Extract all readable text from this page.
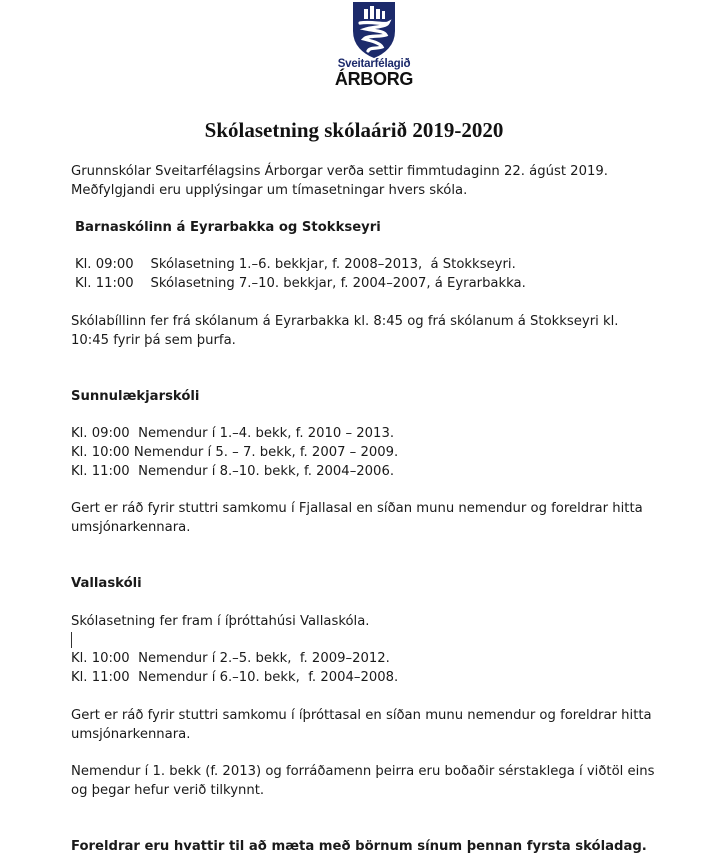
Sveitarfélagið
ÁRBORG
Skólasetning skólaárið 2019-2020
Grunnskólar Sveitarfélagsins Árborgar verða settir fimmtudaginn 22. ágúst 2019.
Meðfylgjandi eru upplýsingar um tímasetningar hvers skóla.
Barnaskólinn á Eyrarbakka og Stokkseyri
Kl. 09:00    Skólasetning 1.–6. bekkjar, f. 2008–2013,  á Stokkseyri.
Kl. 11:00    Skólasetning 7.–10. bekkjar, f. 2004–2007, á Eyrarbakka.
Skólabíllinn fer frá skólanum á Eyrarbakka kl. 8:45 og frá skólanum á Stokkseyri kl.
10:45 fyrir þá sem þurfa.
Sunnulækjarskóli
Kl. 09:00  Nemendur í 1.–4. bekk, f. 2010 – 2013.
Kl. 10:00 Nemendur í 5. – 7. bekk, f. 2007 – 2009.
Kl. 11:00  Nemendur í 8.–10. bekk, f. 2004–2006.
Gert er ráð fyrir stuttri samkomu í Fjallasal en síðan munu nemendur og foreldrar hitta
umsjónarkennara.
Vallaskóli
Skólasetning fer fram í íþróttahúsi Vallaskóla.
Kl. 10:00  Nemendur í 2.–5. bekk,  f. 2009–2012.
Kl. 11:00  Nemendur í 6.–10. bekk,  f. 2004–2008.
Gert er ráð fyrir stuttri samkomu í íþróttasal en síðan munu nemendur og foreldrar hitta
umsjónarkennara.
Nemendur í 1. bekk (f. 2013) og forráðamenn þeirra eru boðaðir sérstaklega í viðtöl eins
og þegar hefur verið tilkynnt.
Foreldrar eru hvattir til að mæta með börnum sínum þennan fyrsta skóladag.
